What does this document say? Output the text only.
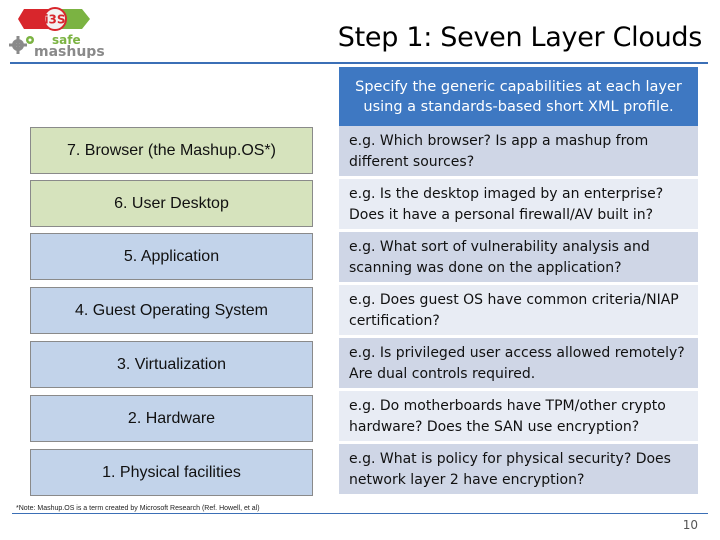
i3S
safe
mashups	Step 1: Seven Layer Clouds
Specify the generic capabilities at each layer using a standards-based short XML profile.
7. Browser (the Mashup.OS*)
6. User Desktop
5. Application
4. Guest Operating System
3. Virtualization
2. Hardware
1. Physical facilities
e.g. Which browser? Is app a mashup from different sources?
e.g. Is the desktop imaged by an enterprise? Does it have a personal firewall/AV built in?
e.g. What sort of vulnerability analysis and scanning was done on the application?
e.g. Does guest OS have common criteria/NIAP certification?
e.g. Is privileged user access allowed remotely? Are dual controls required.
e.g. Do motherboards have TPM/other crypto hardware? Does the SAN use encryption?
e.g. What is policy for physical security? Does network layer 2 have encryption?
*Note: Mashup.OS is a term created by Microsoft Research (Ref. Howell, et al)
10
